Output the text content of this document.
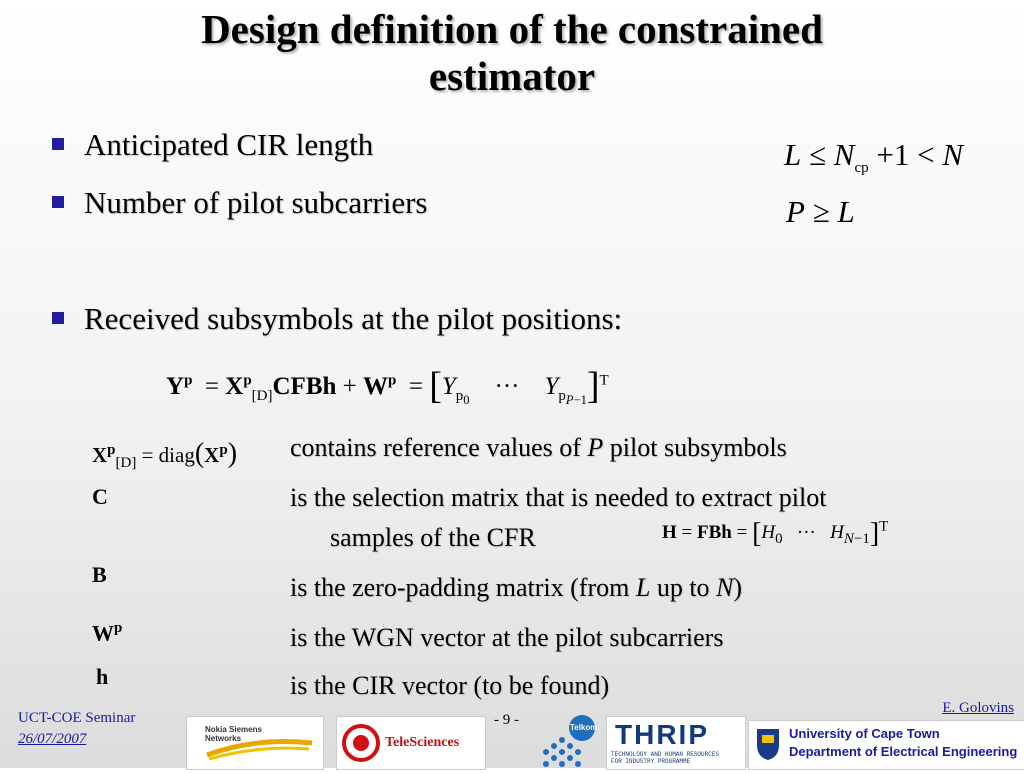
Design definition of the constrained
estimator
Anticipated CIR length
Number of pilot subcarriers
Received subsymbols at the pilot positions:
$L \le N_{cp} +1 < N$
P ≥ L
$Y^p$  = $X^p_{[D]}CFBh + W^p = [Y_{p_0}$    ···    $Y_{p_{P-1}}]^T$
$X^p_{[D]}$ = $diag(X^p)$
C
B
$W^p$
h
contains reference values of P pilot subsymbols
is the selection matrix that is needed to extract pilot
samples of the CFR	H = FBh = [$H_0$   ···   $H_{N-1}]^T$
is the zero-padding matrix (from L up to N)
is the WGN vector at the pilot subcarriers
is the CIR vector (to be found)
UCT-COE Seminar
26/07/2007
- 9 -
E. Golovins
Nokia Siemens Networks	TeleSciences
Telkom THRIP
TECHNOLOGY AND HUMAN RESOURCES
FOR INDUSTRY PROGRAMME
University of Cape Town
Department of Electrical Engineering
